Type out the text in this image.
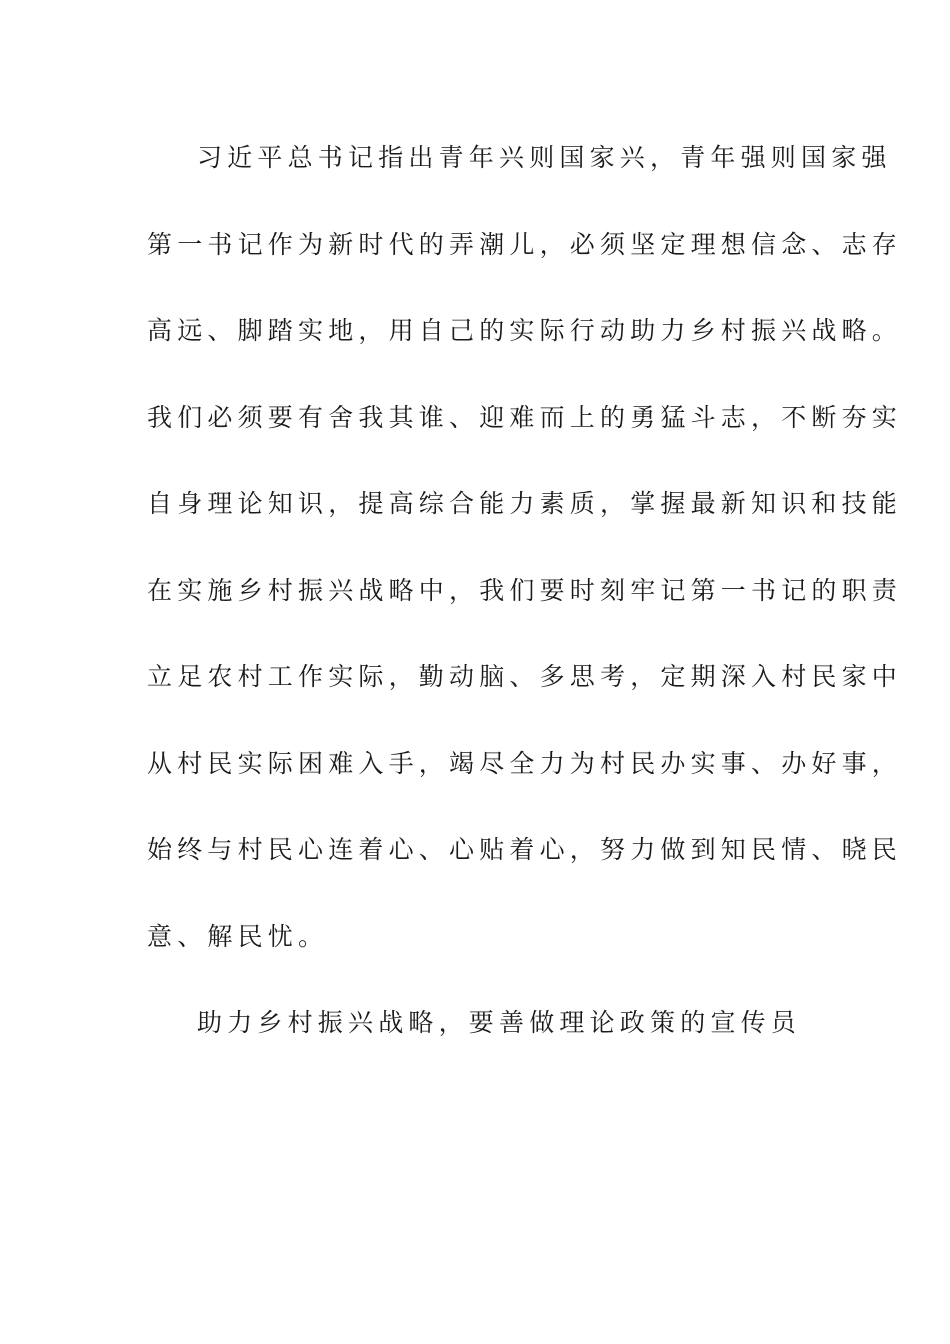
习近平总书记指出青年兴则国家兴，青年强则国家强
第一书记作为新时代的弄潮儿，必须坚定理想信念、志存
高远、脚踏实地，用自己的实际行动助力乡村振兴战略。
我们必须要有舍我其谁、迎难而上的勇猛斗志，不断夯实
自身理论知识，提高综合能力素质，掌握最新知识和技能
在实施乡村振兴战略中，我们要时刻牢记第一书记的职责
立足农村工作实际，勤动脑、多思考，定期深入村民家中
从村民实际困难入手，竭尽全力为村民办实事、办好事，
始终与村民心连着心、心贴着心，努力做到知民情、晓民
意、解民忧。
助力乡村振兴战略，要善做理论政策的宣传员
